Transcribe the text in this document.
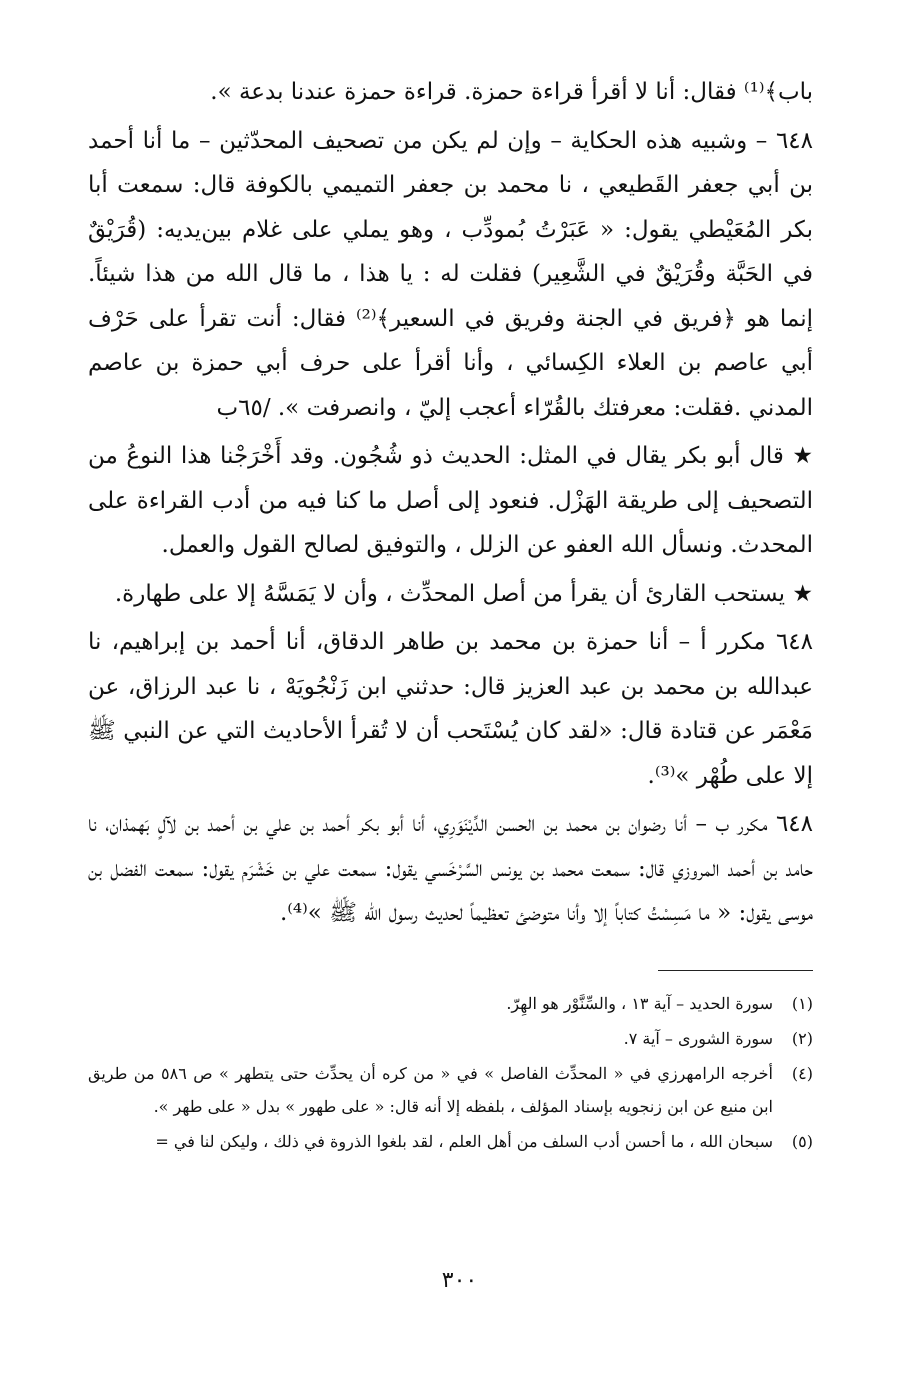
باب﴾⁽¹⁾ فقال: أنا لا أقرأ قراءة حمزة. قراءة حمزة عندنا بدعة ».

٦٤٨ – وشبيه هذه الحكاية – وإن لم يكن من تصحيف المحدّثين – ما أنا أحمد بن أبي جعفر القَطيعي ، نا محمد بن جعفر التميمي بالكوفة قال: سمعت أبا بكر المُعَيْطي يقول: « عَبَرْتُ بُمودِّب ، وهو يملي على غلام بين‌يديه: (قُرَيْقٌ في الحَبَّة وقُرَيْقٌ في الشَّعِير) فقلت له : يا هذا ، ما قال الله من هذا شيئاً. إنما هو ﴿فريق في الجنة وفريق في السعير﴾⁽²⁾ فقال: أنت تقرأ على حَرْف أبي عاصم بن العلاء الكِسائي ، وأنا أقرأ على حرف أبي حمزة بن عاصم المدني .فقلت: معرفتك بالقُرّاء أعجب إليّ ، وانصرفت ». /٦٥ب

★ قال أبو بكر يقال في المثل: الحديث ذو شُجُون. وقد أَخْرَجْنا هذا النوعُ من التصحيف إلى طريقة الهَزْل. فنعود إلى أصل ما كنا فيه من أدب القراءة على المحدث. ونسأل الله العفو عن الزلل ، والتوفيق لصالح القول والعمل.

★ يستحب القارئ أن يقرأ من أصل المحدِّث ، وأن لا يَمَسَّهُ إلا على طهارة.

٦٤٨ مكرر أ – أنا حمزة بن محمد بن طاهر الدقاق، أنا أحمد بن إبراهيم، نا عبدالله بن محمد بن عبد العزيز قال: حدثني ابن زَنْجُويَهْ ، نا عبد الرزاق، عن مَعْمَر عن قتادة قال: «لقد كان يُسْتَحب أن لا تُقرأ الأحاديث التي عن النبي ﷺ إلا على طُهْر »⁽³⁾.

٦٤٨ مكرر ب – أنا رضوان بن محمد بن الحسن الدِّيْنَوَرِي، أنا أبو بكر أحمد بن علي بن أحمد بن لآلٍ بَهمذان، نا حامد بن أحمد المروزي قال: سمعت محمد بن يونس السَّرْخَسي يقول: سمعت علي بن خَشْرَم يقول: سمعت الفضل بن موسى يقول: « ما مَسِسْتُ كتاباً إلا وأنا متوضئ تعظيماً لحديث رسول الله ﷺ »⁽⁴⁾.

(١)
سورة الحديد – آية ١٣ ، والسِّنَّوْر هو الهِرّ.
(٢)
سورة الشورى – آية ٧.
(٤)
أخرجه الرامهرزي في « المحدِّث الفاصل » في « من كره أن يحدِّث حتى يتطهر » ص ٥٨٦ من طريق ابن منيع عن ابن زنجويه بإسناد المؤلف ، بلفظه إلا أنه قال: « على طهور » بدل « على طهر ».
(٥)
سبحان الله ، ما أحسن أدب السلف من أهل العلم ، لقد بلغوا الذروة في ذلك ، وليكن لنا في =
٣٠٠
